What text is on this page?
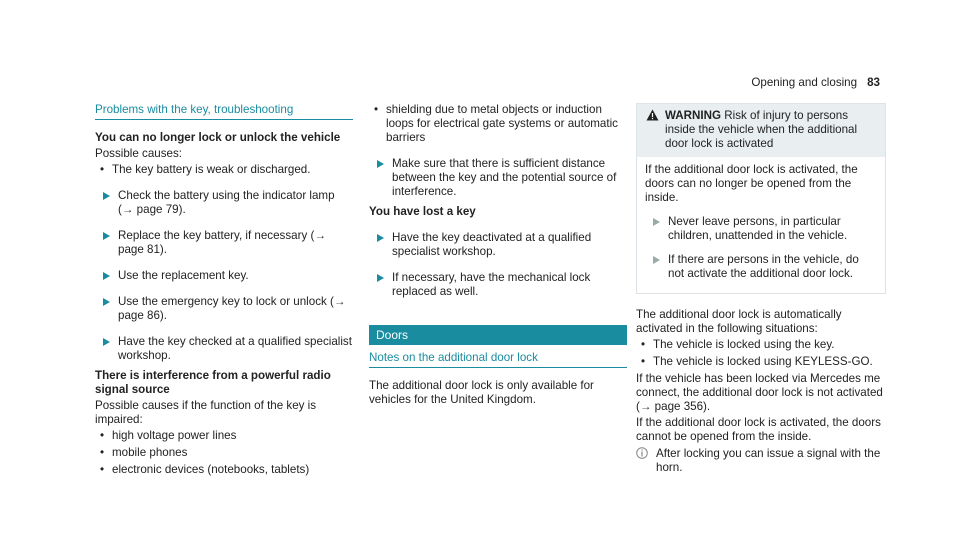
Opening and closing 83
Problems with the key, troubleshooting
You can no longer lock or unlock the vehicle
Possible causes:
• The key battery is weak or discharged.
Check the battery using the indicator lamp (→ page 79).
Replace the key battery, if necessary (→ page 81).
Use the replacement key.
Use the emergency key to lock or unlock (→ page 86).
Have the key checked at a qualified specialist workshop.
There is interference from a powerful radio signal source
Possible causes if the function of the key is impaired:
• high voltage power lines
• mobile phones
• electronic devices (notebooks, tablets)
• shielding due to metal objects or induction loops for electrical gate systems or automatic barriers
Make sure that there is sufficient distance between the key and the potential source of interference.
You have lost a key
Have the key deactivated at a qualified specialist workshop.
If necessary, have the mechanical lock replaced as well.
Doors
Notes on the additional door lock
The additional door lock is only available for vehicles for the United Kingdom.
WARNING Risk of injury to persons inside the vehicle when the additional door lock is activated
If the additional door lock is activated, the doors can no longer be opened from the inside.
Never leave persons, in particular children, unattended in the vehicle.
If there are persons in the vehicle, do not activate the additional door lock.
The additional door lock is automatically activated in the following situations:
• The vehicle is locked using the key.
• The vehicle is locked using KEYLESS-GO.
If the vehicle has been locked via Mercedes me connect, the additional door lock is not activated (→ page 356).
If the additional door lock is activated, the doors cannot be opened from the inside.
After locking you can issue a signal with the horn.
